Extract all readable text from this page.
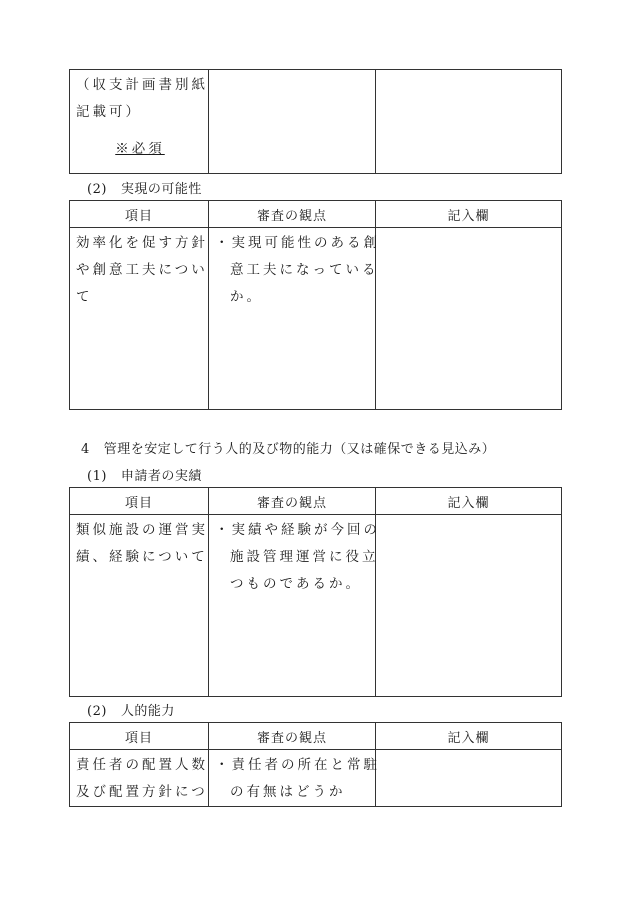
（収支計画書別紙
記載可）
※必須

(2) 実現の可能性
項目	審査の観点	記入欄

効率化を促す方針
や創意工夫につい
て	・実現可能性のある創
意工夫になっている
か。	

4 管理を安定して行う人的及び物的能力（又は確保できる見込み）
(1) 申請者の実績
項目	審査の観点	記入欄

類似施設の運営実
績、経験について	・実績や経験が今回の
施設管理運営に役立
つものであるか。	

(2) 人的能力
項目	審査の観点	記入欄

責任者の配置人数
及び配置方針につ	・責任者の所在と常駐
の有無はどうか	
